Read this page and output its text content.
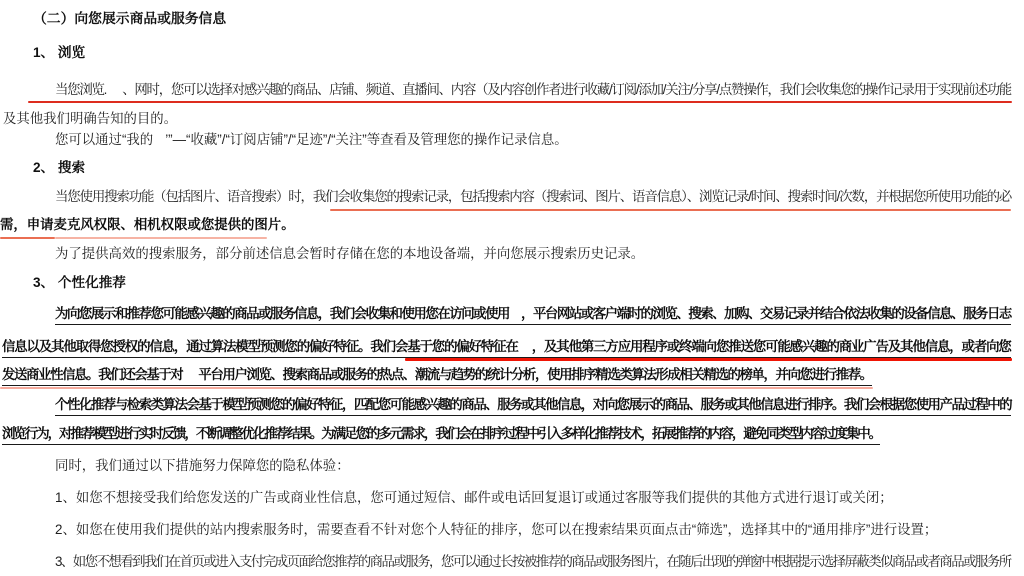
（二）向您展示商品或服务信息
1、 浏览
当您浏览. 、网时，您可以选择对感兴趣的商品、店铺、频道、直播间、内容（及内容创作者进行收藏/订阅/添加/关注/分享/点赞操作，我们会收集您的操作记录用于实现前述功能
及其他我们明确告知的目的。
您可以通过“我的 ’”—“收藏”/“订阅店铺”/“足迹”/“关注”等查看及管理您的操作记录信息。
2、 搜索
当您使用搜索功能（包括图片、语音搜索）时，我们会收集您的搜索记录，包括搜索内容（搜索词、图片、语音信息）、浏览记录/时间、搜索时间/次数，并根据您所使用功能的必
需，申请麦克风权限、相机权限或您提供的图片。
为了提供高效的搜索服务，部分前述信息会暂时存储在您的本地设备端，并向您展示搜索历史记录。
3、 个性化推荐
为向您展示和推荐您可能感兴趣的商品或服务信息，我们会收集和使用您在访问或使用 ，平台网站或客户端时的浏览、搜索、加购、交易记录并结合依法收集的设备信息、服务日志
信息以及其他取得您授权的信息，通过算法模型预测您的偏好特征。我们会基于您的偏好特征在 ，及其他第三方应用程序或终端向您推送您可能感兴趣的商业广告及其他信息，或者向您
发送商业性信息。我们还会基于对 平台用户浏览、搜索商品或服务的热点、潮流与趋势的统计分析，使用排序精选类算法形成相关精选的榜单，并向您进行推荐。
个性化推荐与检索类算法会基于模型预测您的偏好特征，匹配您可能感兴趣的商品、服务或其他信息，对向您展示的商品、服务或其他信息进行排序。我们会根据您使用产品过程中的
浏览行为，对推荐模型进行实时反馈，不断调整优化推荐结果。为满足您的多元需求，我们会在排序过程中引入多样化推荐技术，拓展推荐的内容，避免同类型内容过度集中。
同时，我们通过以下措施努力保障您的隐私体验：
1、如您不想接受我们给您发送的广告或商业性信息，您可通过短信、邮件或电话回复退订或通过客服等我们提供的其他方式进行退订或关闭；
2、如您在使用我们提供的站内搜索服务时，需要查看不针对您个人特征的排序，您可以在搜索结果页面点击“筛选”，选择其中的“通用排序”进行设置；
3、如您不想看到我们在首页或进入支付完成页面给您推荐的商品或服务，您可以通过长按被推荐的商品或服务图片，在随后出现的弹窗中根据提示选择屏蔽类似商品或者商品或服务所
